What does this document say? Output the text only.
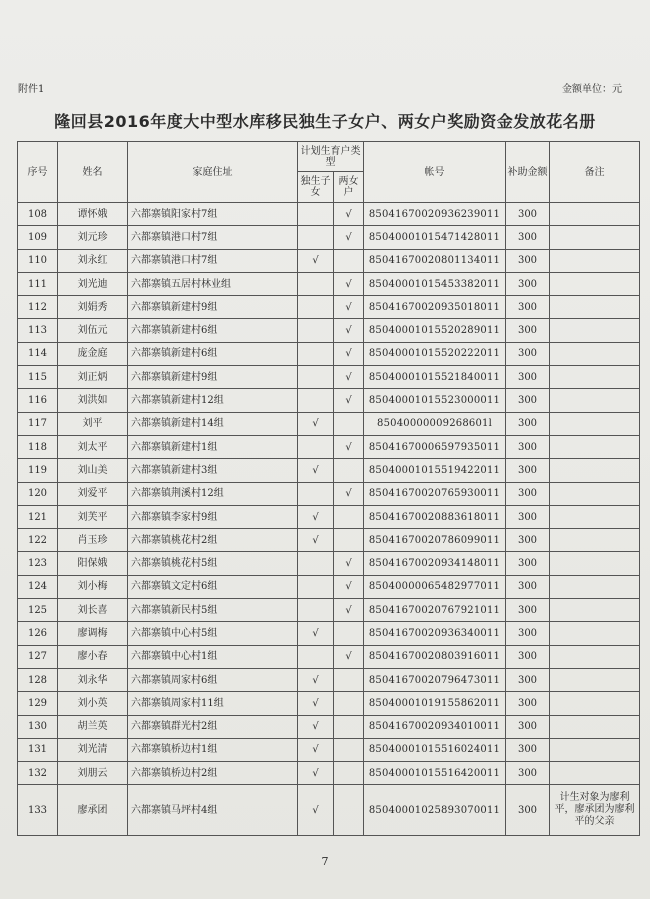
附件1	金额单位：元
隆回县2016年度大中型水库移民独生子女户、两女户奖励资金发放花名册
序号	姓名	家庭住址	计划生育户类型		帐号	补助金额	备注
			独生子女	两女户			
108	谭怀娥	六都寨镇阳家村7组		√	85041670020936239011	300	
109	刘元珍	六都寨镇港口村7组		√	85040001015471428011	300	
110	刘永红	六都寨镇港口村7组	√		85041670020801134011	300	
111	刘光迪	六都寨镇五居村林业组		√	85040001015453382011	300	
112	刘娟秀	六都寨镇新建村9组		√	85041670020935018011	300	
113	刘伍元	六都寨镇新建村6组		√	85040001015520289011	300	
114	庞金庭	六都寨镇新建村6组		√	85040001015520222011	300	
115	刘正炳	六都寨镇新建村9组		√	85040001015521840011	300	
116	刘洪如	六都寨镇新建村12组		√	85040001015523000011	300	
117	刘平	六都寨镇新建村14组	√		85040000009268601l	300	
118	刘太平	六都寨镇新建村1组		√	85041670006597935011	300	
119	刘山美	六都寨镇新建村3组	√		85040001015519422011	300	
120	刘爱平	六都寨镇荆溪村12组		√	85041670020765930011	300	
121	刘芙平	六都寨镇李家村9组	√		85041670020883618011	300	
122	肖玉珍	六都寨镇桃花村2组	√		85041670020786099011	300	
123	阳保娥	六都寨镇桃花村5组		√	85041670020934148011	300	
124	刘小梅	六都寨镇文定村6组		√	85040000065482977011	300	
125	刘长喜	六都寨镇新民村5组		√	85041670020767921011	300	
126	廖调梅	六都寨镇中心村5组	√		85041670020936340011	300	
127	廖小春	六都寨镇中心村1组		√	85041670020803916011	300	
128	刘永华	六都寨镇周家村6组	√		85041670020796473011	300	
129	刘小英	六都寨镇周家村11组	√		85040001019155862011	300	
130	胡兰英	六都寨镇群光村2组	√		85041670020934010011	300	
131	刘光清	六都寨镇桥边村1组	√		85040001015516024011	300	
132	刘朋云	六都寨镇桥边村2组	√		85040001015516420011	300	
133	廖承团	六都寨镇马坪村4组	√		85040001025893070011	300	计生对象为廖利平，廖承团为廖利平的父亲
7
